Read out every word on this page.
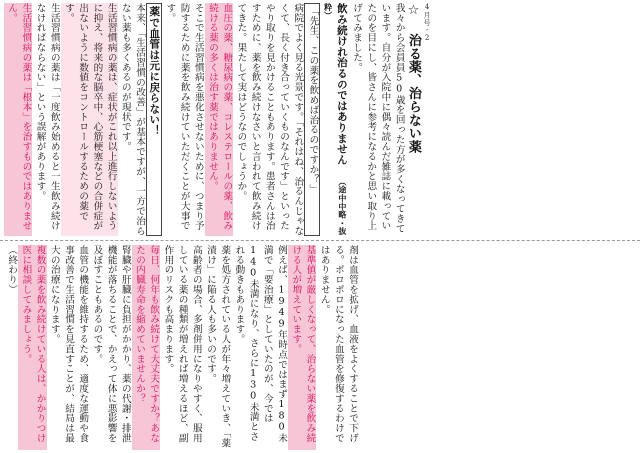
4月号-2

☆ 治る薬、治らない薬

我々から会員員50歳を回った方が多くなってきています。自分が入院中に偶々読んだ雑誌に載っていたのを目にし、皆さんに参考になるかと思い取り上げてみました。

飲み続けれ治るのではありません （途中中略・抜粋）

「先生、この薬を飲めば治るのですか？」

病院でよく見る光景です。「それはね、治るんじゃなくて、長く付き合っていくものなんです」といったやり取りを見かけることもあります。患者さんは治すために、薬を飲み続けなさいと言われて飲み続けてきた。果たして実はどうなのでしょうか。

血圧の薬、糖尿病の薬、コレステロールの薬、飲み続ける薬の多くは治す薬ではありません。

そこで生活習慣病を悪化させないために、つまり予防するために薬を飲み続けていただくことが大事です。

薬で血管は元に戻らない！

本来、「生活習慣の改善」が基本ですが、一方で治らない薬も多くあるのが現状です。

生活習慣病の薬は、症状がこれ以上進行しないように抑え、将来的な脳卒中、心筋梗塞などの合併症が出ないように数値をコントロールするための薬です。

生活習慣病の薬は「一度飲み始めると一生飲み続けなければならない」という誤解があります。

生活習慣病の薬は「根本」を治すものではありません。

剤は血管を拡げ、血液をよくすることで下げる。ポロポロになった血管を修復するわけではありません。

基準値が厳しくなって、治らない薬を飲み続ける人が増えています。

例えば、1949年時点ではまず180未満で「要治療」としていたのが、今では140未満になり、さらに130未満とされる動きもあります。

薬を処方されている人が年々増えていき、「薬漬け」に陥る人も多いのです。

高齢者の場合、多剤併用になりやすく、服用している薬の種類が増えれば増えるほど、副作用のリスクも高まります。

毎日、何年も飲み続けて大丈夫ですか？あなたの内臓寿命を縮めていませんか？

腎臓や肝臓に負担がかかり、薬の代謝・排泄機能が落ちることで、かえって体に悪影響を及ぼすこともあるのです。

血管の機能を維持するため、適度な運動や食事改善で生活習慣を見直すことが、結局は最大の治療になります。

複数の薬を飲み続けている人は、かかりつけ医に相談してみましょう。

（終わり）
